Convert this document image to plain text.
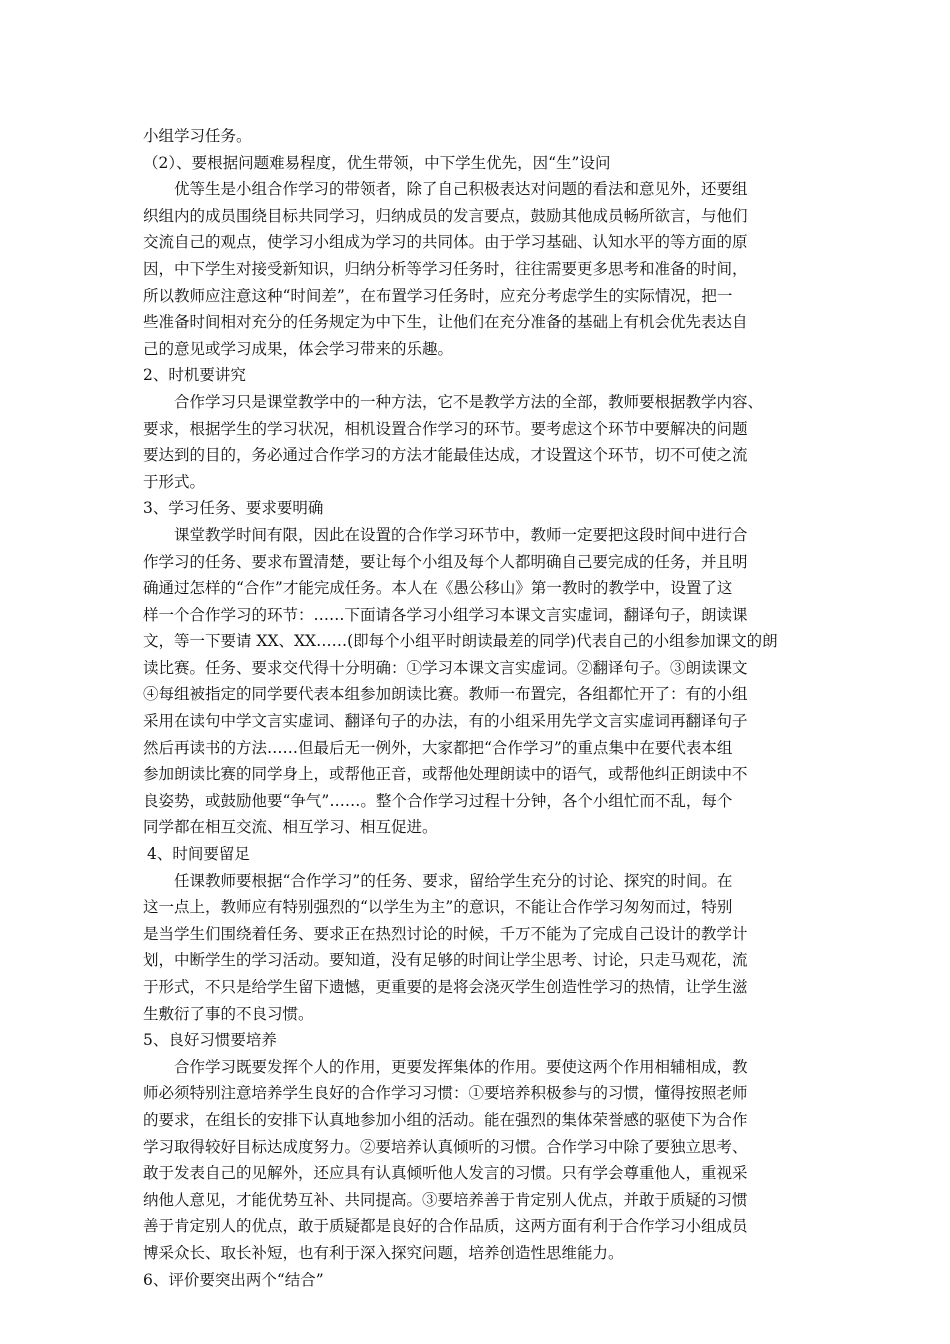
小组学习任务。
（2）、要根据问题难易程度，优生带领，中下学生优先，因“生”设问
优等生是小组合作学习的带领者，除了自己积极表达对问题的看法和意见外，还要组
织组内的成员围绕目标共同学习，归纳成员的发言要点，鼓励其他成员畅所欲言，与他们
交流自己的观点，使学习小组成为学习的共同体。由于学习基础、认知水平的等方面的原
因，中下学生对接受新知识，归纳分析等学习任务时，往往需要更多思考和准备的时间，
所以教师应注意这种“时间差”，在布置学习任务时，应充分考虑学生的实际情况，把一
些准备时间相对充分的任务规定为中下生，让他们在充分准备的基础上有机会优先表达自
己的意见或学习成果，体会学习带来的乐趣。
2、时机要讲究
合作学习只是课堂教学中的一种方法，它不是教学方法的全部，教师要根据教学内容、
要求，根据学生的学习状况，相机设置合作学习的环节。要考虑这个环节中要解决的问题
要达到的目的，务必通过合作学习的方法才能最佳达成，才设置这个环节，切不可使之流
于形式。
3、学习任务、要求要明确
课堂教学时间有限，因此在设置的合作学习环节中，教师一定要把这段时间中进行合
作学习的任务、要求布置清楚，要让每个小组及每个人都明确自己要完成的任务，并且明
确通过怎样的“合作”才能完成任务。本人在《愚公移山》第一教时的教学中，设置了这
样一个合作学习的环节：……下面请各学习小组学习本课文言实虚词，翻译句子，朗读课
文，等一下要请 XX、XX……(即每个小组平时朗读最差的同学)代表自己的小组参加课文的朗
读比赛。任务、要求交代得十分明确：①学习本课文言实虚词。②翻译句子。③朗读课文
④每组被指定的同学要代表本组参加朗读比赛。教师一布置完，各组都忙开了：有的小组
采用在读句中学文言实虚词、翻译句子的办法，有的小组采用先学文言实虚词再翻译句子
然后再读书的方法……但最后无一例外，大家都把“合作学习”的重点集中在要代表本组
参加朗读比赛的同学身上，或帮他正音，或帮他处理朗读中的语气，或帮他纠正朗读中不
良姿势，或鼓励他要“争气”……。整个合作学习过程十分钟，各个小组忙而不乱，每个
同学都在相互交流、相互学习、相互促进。
4、时间要留足
任课教师要根据“合作学习”的任务、要求，留给学生充分的讨论、探究的时间。在
这一点上，教师应有特别强烈的“以学生为主”的意识，不能让合作学习匆匆而过，特别
是当学生们围绕着任务、要求正在热烈讨论的时候，千万不能为了完成自己设计的教学计
划，中断学生的学习活动。要知道，没有足够的时间让学尘思考、讨论，只走马观花，流
于形式，不只是给学生留下遗憾，更重要的是将会浇灭学生创造性学习的热情，让学生滋
生敷衍了事的不良习惯。
5、良好习惯要培养
合作学习既要发挥个人的作用，更要发挥集体的作用。要使这两个作用相辅相成，教
师必须特别注意培养学生良好的合作学习习惯：①要培养积极参与的习惯，懂得按照老师
的要求，在组长的安排下认真地参加小组的活动。能在强烈的集体荣誉感的驱使下为合作
学习取得较好目标达成度努力。②要培养认真倾听的习惯。合作学习中除了要独立思考、
敢于发表自己的见解外，还应具有认真倾听他人发言的习惯。只有学会尊重他人，重视采
纳他人意见，才能优势互补、共同提高。③要培养善于肯定别人优点，并敢于质疑的习惯
善于肯定别人的优点，敢于质疑都是良好的合作品质，这两方面有利于合作学习小组成员
博采众长、取长补短，也有利于深入探究问题，培养创造性思维能力。
6、评价要突出两个“结合”
